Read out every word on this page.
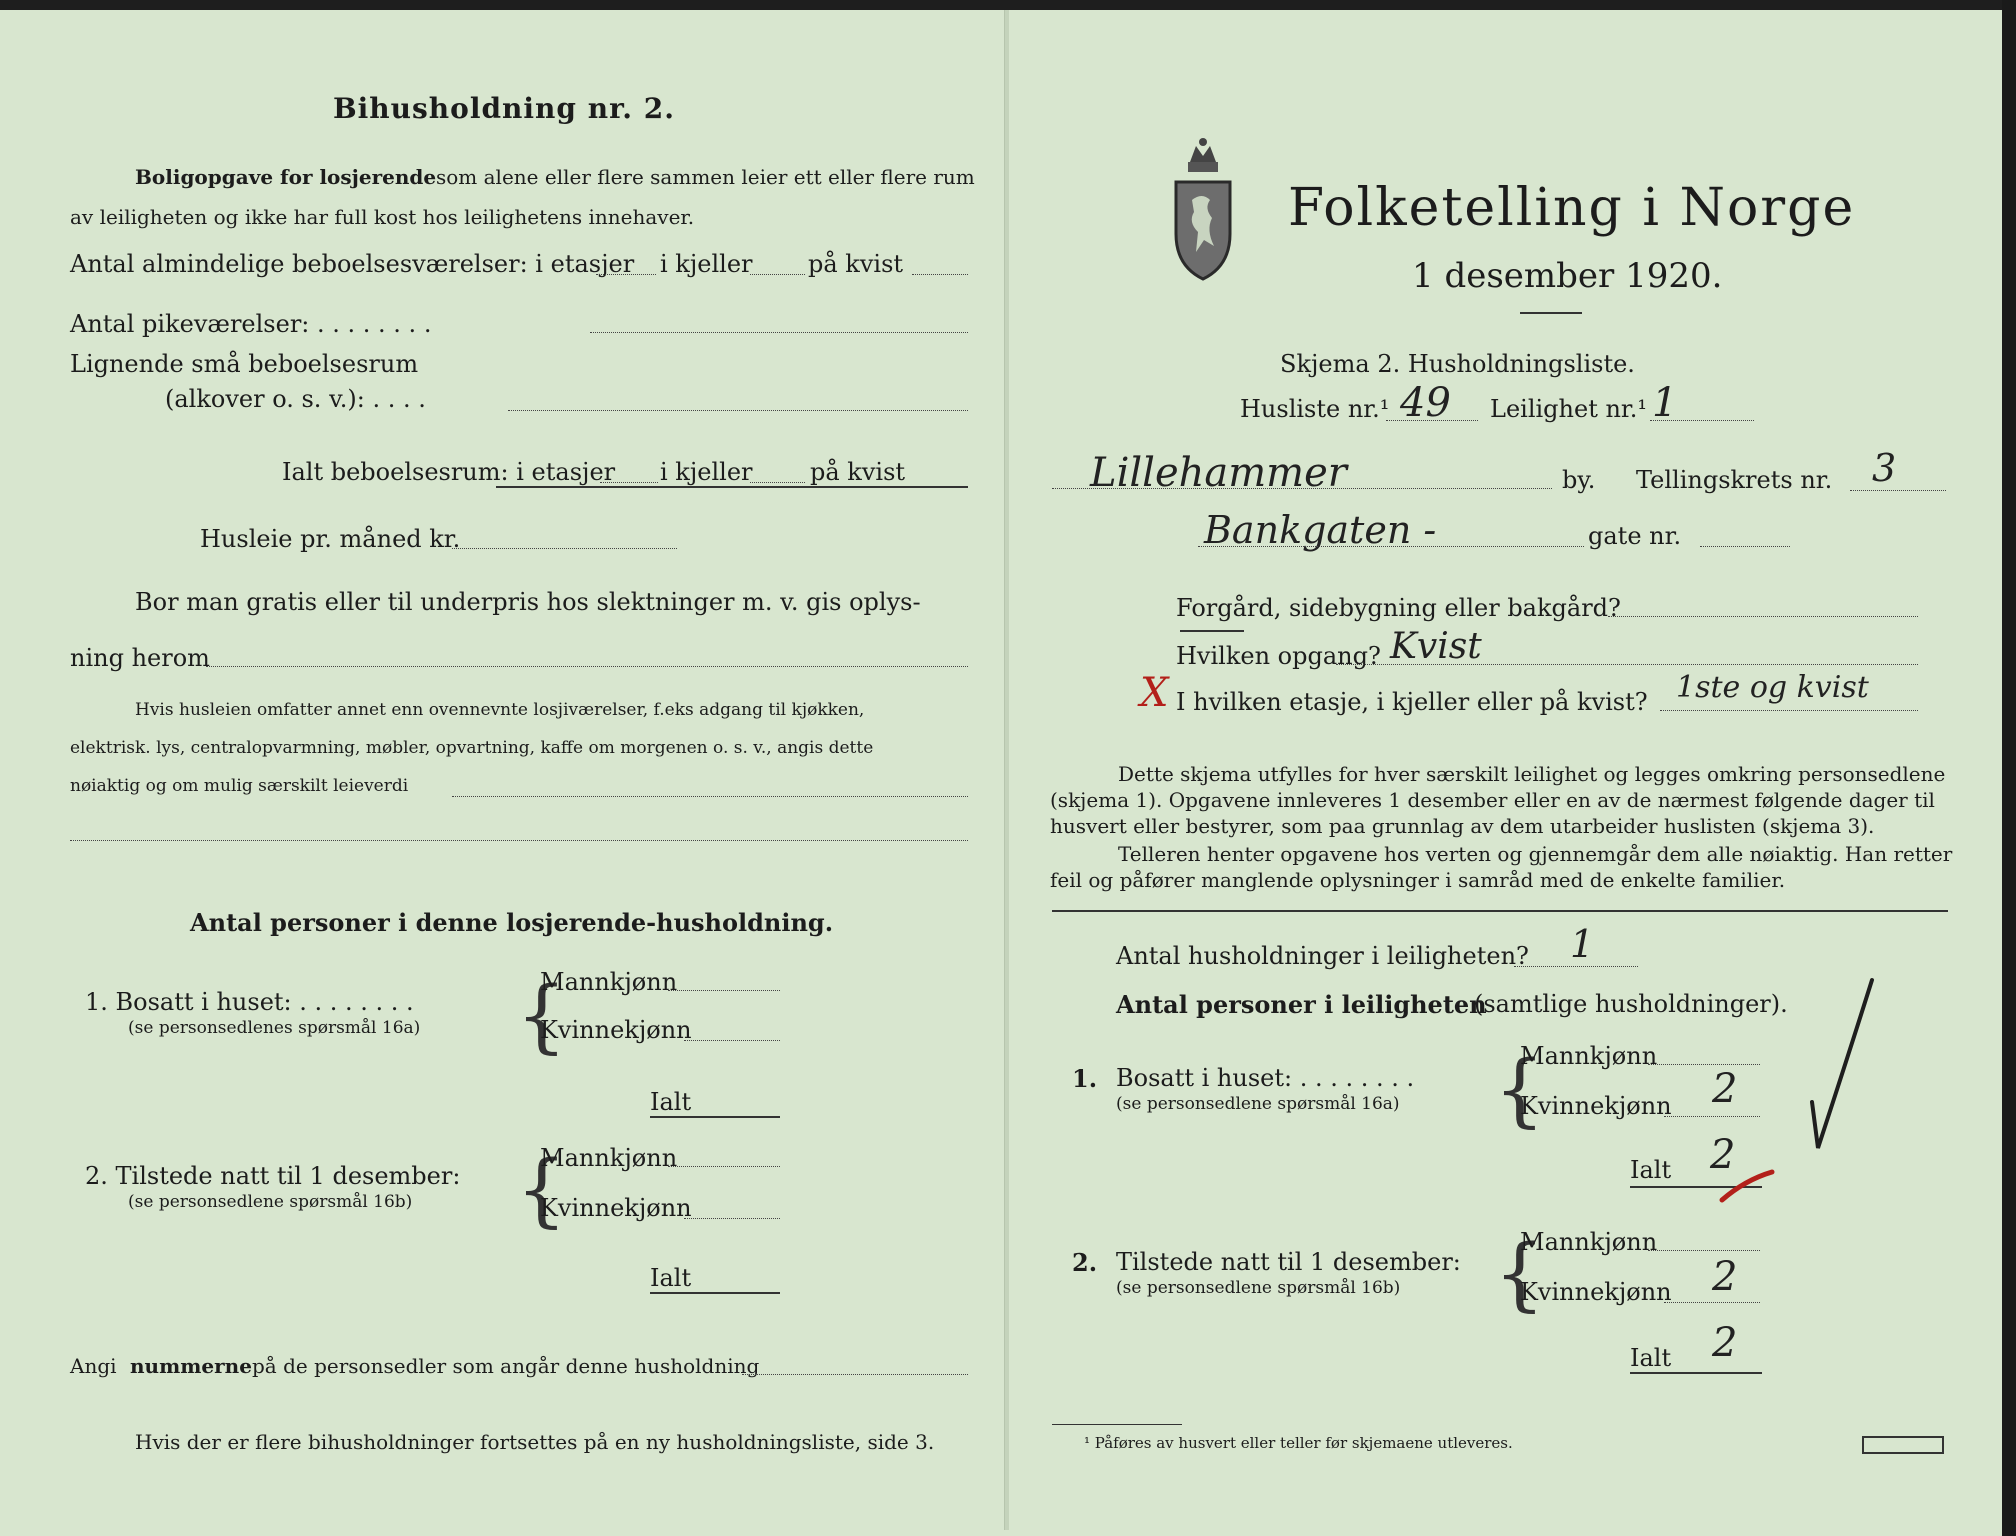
Bihusholdning nr. 2.
Boligopgave for losjerende som alene eller flere sammen leier ett eller flere rum
av leiligheten og ikke har full kost hos leilighetens innehaver.
Antal almindelige beboelsesværelser: i etasjer i kjeller på kvist
Antal pikeværelser: . . . . . . . .
Lignende små beboelsesrum
(alkover o. s. v.): . . . .
Ialt beboelsesrum: i etasjer i kjeller på kvist
Husleie pr. måned kr.
Bor man gratis eller til underpris hos slektninger m. v. gis oplys-
ning herom
Hvis husleien omfatter annet enn ovennevnte losjiværelser, f.eks adgang til kjøkken,
elektrisk. lys, centralopvarmning, møbler, opvartning, kaffe om morgenen o. s. v., angis dette
nøiaktig og om mulig særskilt leieverdi
Antal personer i denne losjerende-husholdning.
1. Bosatt i huset: . . . . . . . .
(se personsedlenes spørsmål 16a) {
Mannkjønn
Kvinnekjønn
Ialt
2. Tilstede natt til 1 desember:
(se personsedlene spørsmål 16b) {
Mannkjønn
Kvinnekjønn
Ialt
Angi nummerne på de personsedler som angår denne husholdning
Hvis der er flere bihusholdninger fortsettes på en ny husholdningsliste, side 3.
Folketelling i Norge
1 desember 1920.
Skjema 2. Husholdningsliste.
Husliste nr.¹ 49 Leilighet nr.¹ 1
Lillehammer	by. Tellingskrets nr. 3
Bankgaten -	gate nr.
Forgård, sidebygning eller bakgård?
Hvilken opgang? Kvist
X I hvilken etasje, i kjeller eller på kvist? 1ste og kvist
Dette skjema utfylles for hver særskilt leilighet og legges omkring personsedlene
(skjema 1). Opgavene innleveres 1 desember eller en av de nærmest følgende dager til
husvert eller bestyrer, som paa grunnlag av dem utarbeider huslisten (skjema 3).
Telleren henter opgavene hos verten og gjennemgår dem alle nøiaktig. Han retter
feil og påfører manglende oplysninger i samråd med de enkelte familier.
Antal husholdninger i leiligheten? 1
Antal personer i leiligheten
(samtlige husholdninger).
1. Bosatt i huset: . . . . . . . .
(se personsedlene spørsmål 16a) {
Mannkjønn
Kvinnekjønn 2
Ialt 2
2. Tilstede natt til 1 desember:
(se personsedlene spørsmål 16b) {
Mannkjønn
Kvinnekjønn 2
Ialt 2
¹ Påføres av husvert eller teller før skjemaene utleveres.
